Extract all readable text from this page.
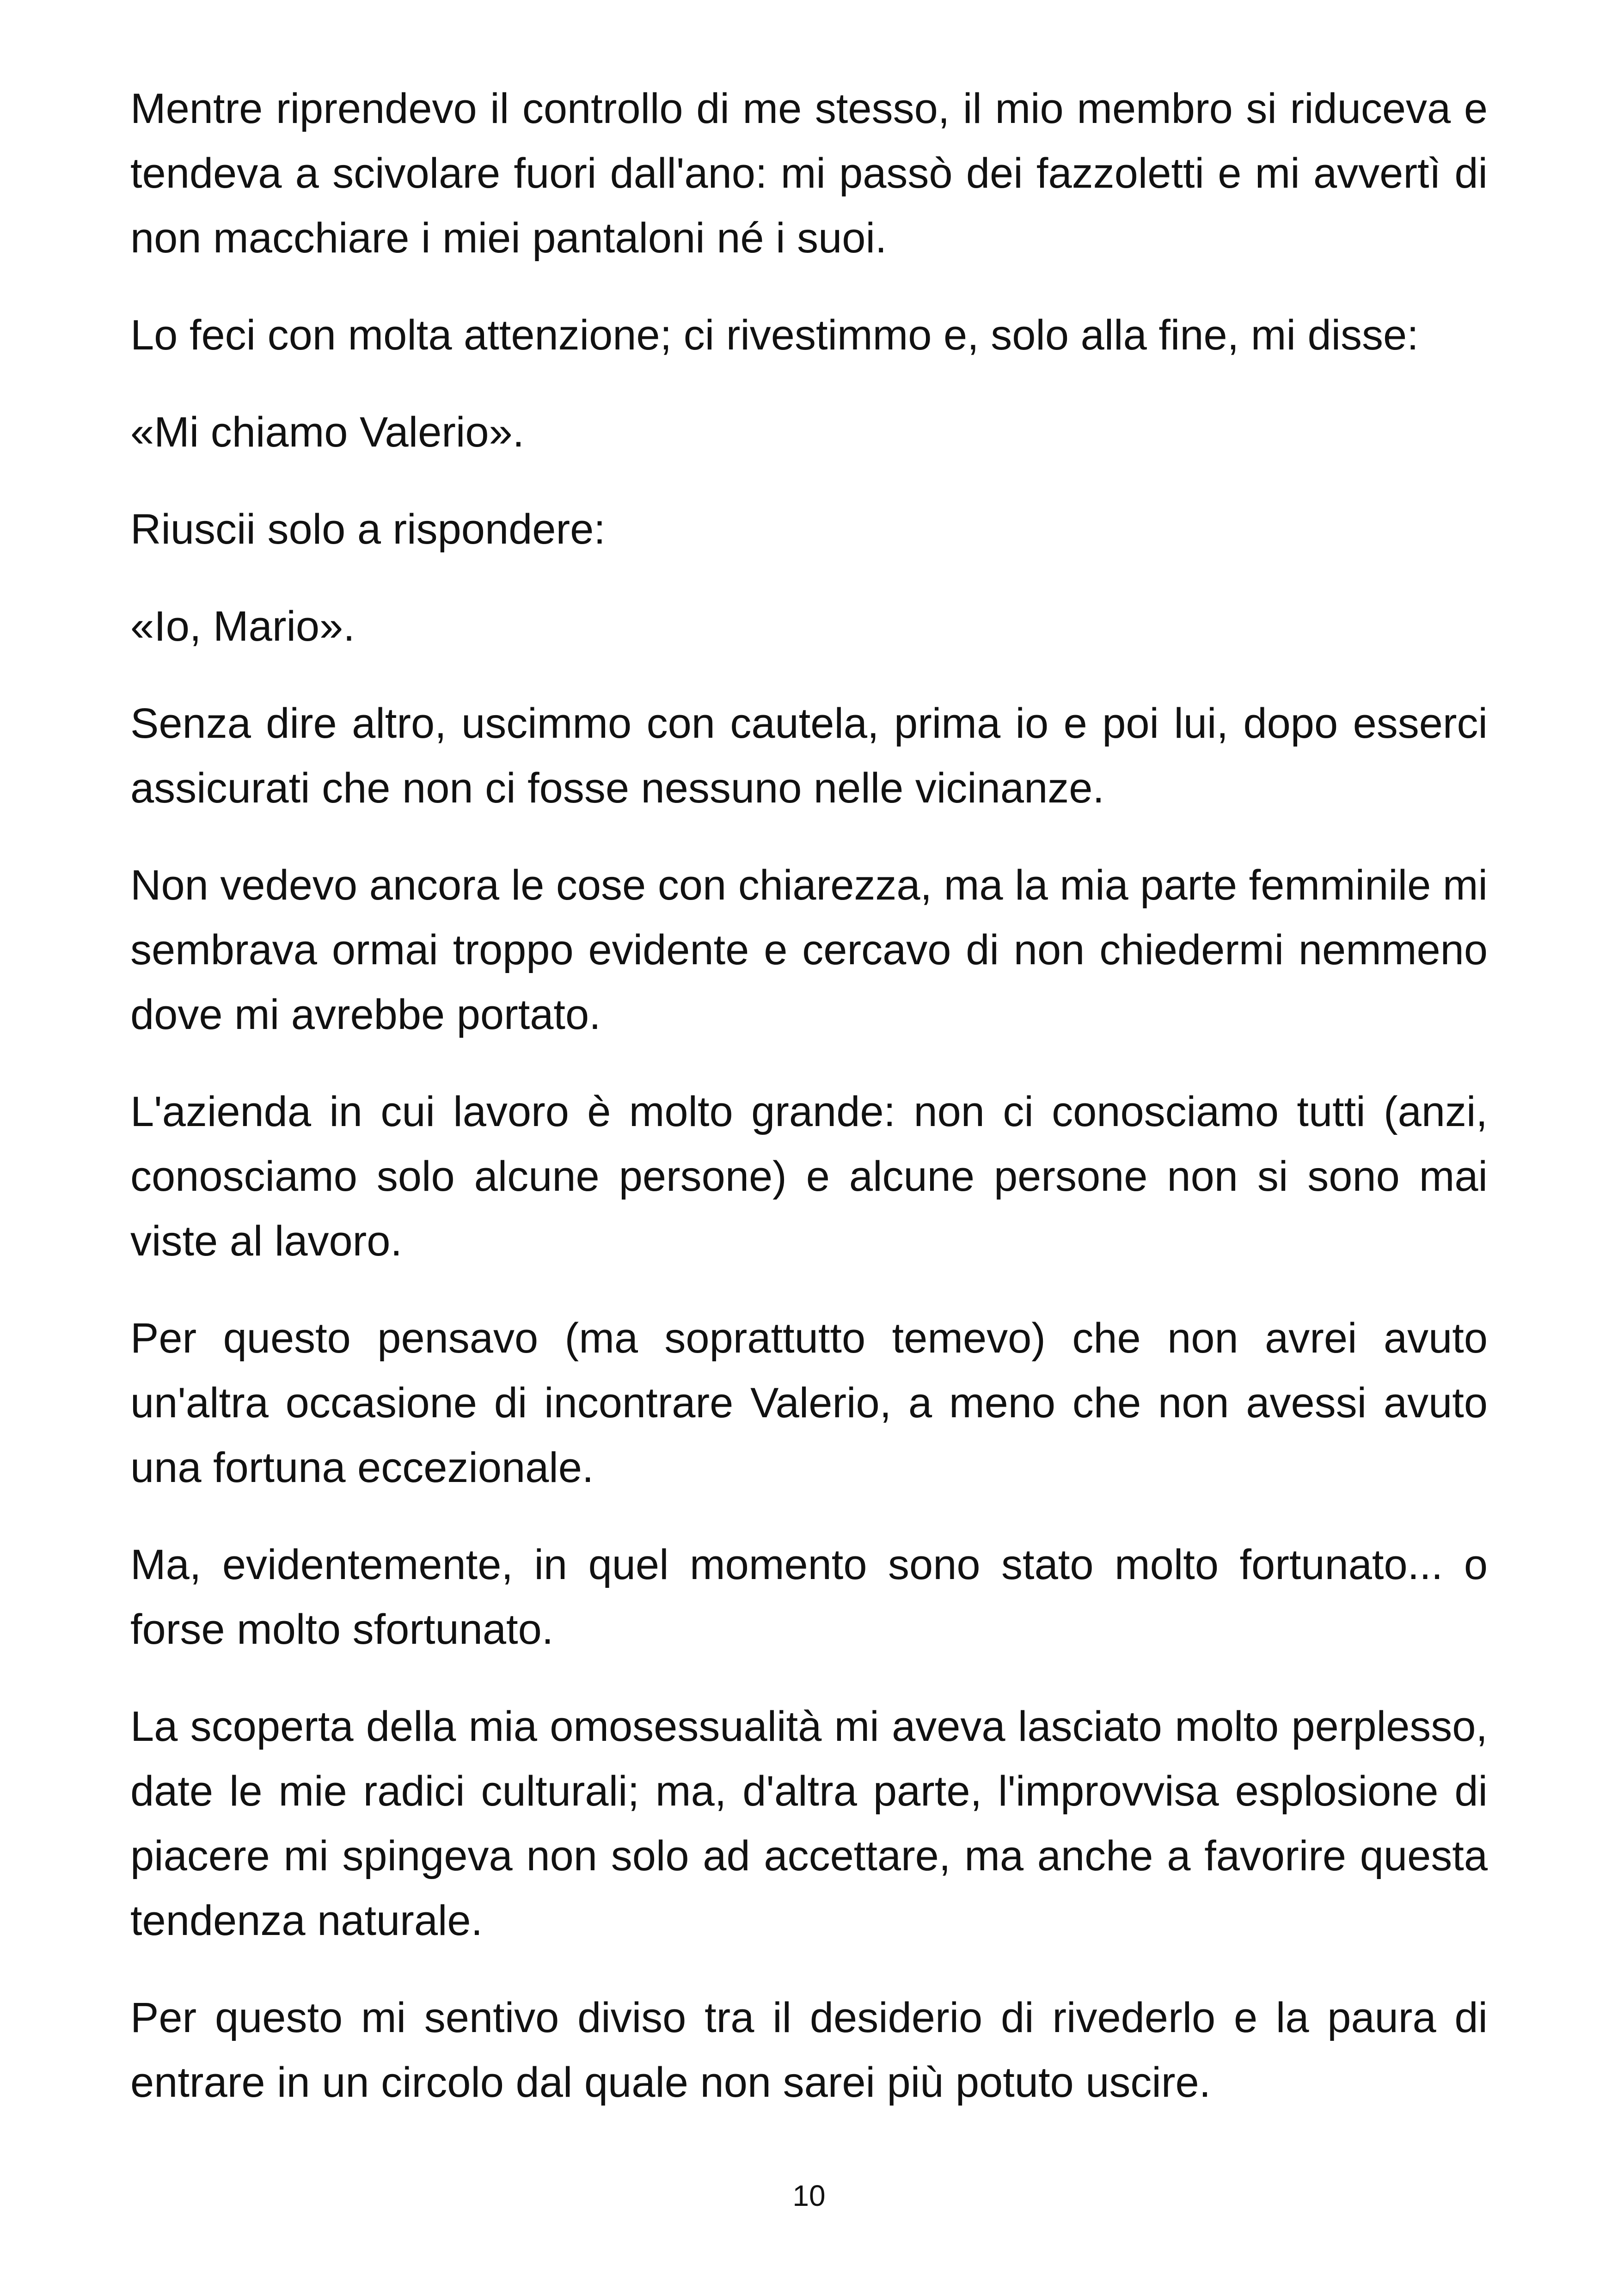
Mentre riprendevo il controllo di me stesso, il mio membro si riduceva e tendeva a scivolare fuori dall'ano: mi passò dei fazzoletti e mi avvertì di non macchiare i miei pantaloni né i suoi.

Lo feci con molta attenzione; ci rivestimmo e, solo alla fine, mi disse:

«Mi chiamo Valerio».

Riuscii solo a rispondere:

«Io, Mario».

Senza dire altro, uscimmo con cautela, prima io e poi lui, dopo esserci assicurati che non ci fosse nessuno nelle vicinanze.

Non vedevo ancora le cose con chiarezza, ma la mia parte femminile mi sembrava ormai troppo evidente e cercavo di non chiedermi nemmeno dove mi avrebbe portato.

L'azienda in cui lavoro è molto grande: non ci conosciamo tutti (anzi, conosciamo solo alcune persone) e alcune persone non si sono mai viste al lavoro.

Per questo pensavo (ma soprattutto temevo) che non avrei avuto un'altra occasione di incontrare Valerio, a meno che non avessi avuto una fortuna eccezionale.

Ma, evidentemente, in quel momento sono stato molto fortunato... o forse molto sfortunato.

La scoperta della mia omosessualità mi aveva lasciato molto perplesso, date le mie radici culturali; ma, d'altra parte, l'improvvisa esplosione di piacere mi spingeva non solo ad accettare, ma anche a favorire questa tendenza naturale.

Per questo mi sentivo diviso tra il desiderio di rivederlo e la paura di entrare in un circolo dal quale non sarei più potuto uscire.

10
